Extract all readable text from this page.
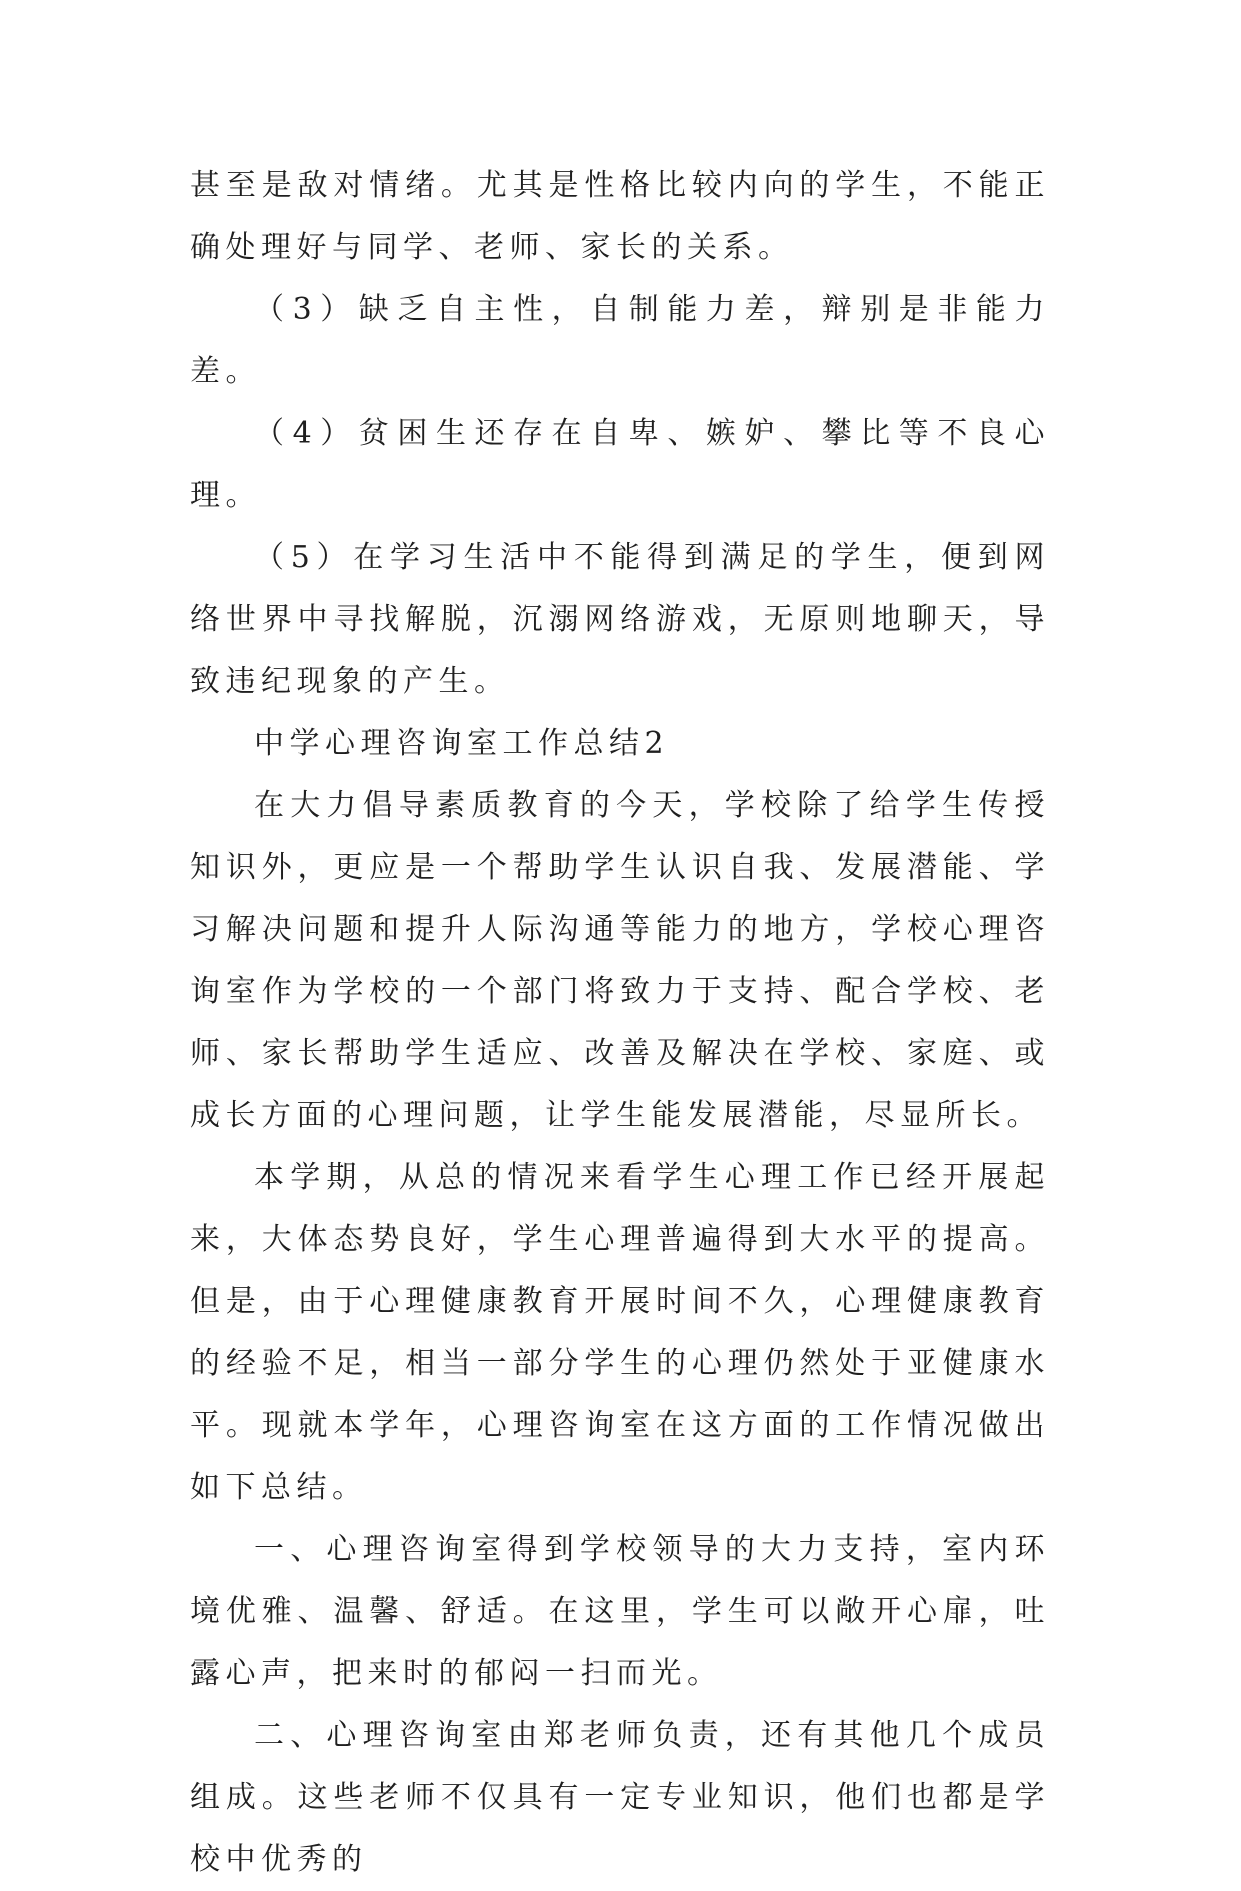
甚至是敌对情绪。尤其是性格比较内向的学生，不能正确处理好与同学、老师、家长的关系。

（3）缺乏自主性，自制能力差，辩别是非能力差。

（4）贫困生还存在自卑、嫉妒、攀比等不良心理。

（5）在学习生活中不能得到满足的学生，便到网络世界中寻找解脱，沉溺网络游戏，无原则地聊天，导致违纪现象的产生。

中学心理咨询室工作总结2

在大力倡导素质教育的今天，学校除了给学生传授知识外，更应是一个帮助学生认识自我、发展潜能、学习解决问题和提升人际沟通等能力的地方，学校心理咨询室作为学校的一个部门将致力于支持、配合学校、老师、家长帮助学生适应、改善及解决在学校、家庭、或成长方面的心理问题，让学生能发展潜能，尽显所长。

本学期，从总的情况来看学生心理工作已经开展起来，大体态势良好，学生心理普遍得到大水平的提高。但是，由于心理健康教育开展时间不久，心理健康教育的经验不足，相当一部分学生的心理仍然处于亚健康水平。现就本学年，心理咨询室在这方面的工作情况做出如下总结。

一、心理咨询室得到学校领导的大力支持，室内环境优雅、温馨、舒适。在这里，学生可以敞开心扉，吐露心声，把来时的郁闷一扫而光。

二、心理咨询室由郑老师负责，还有其他几个成员组成。这些老师不仅具有一定专业知识，他们也都是学校中优秀的
